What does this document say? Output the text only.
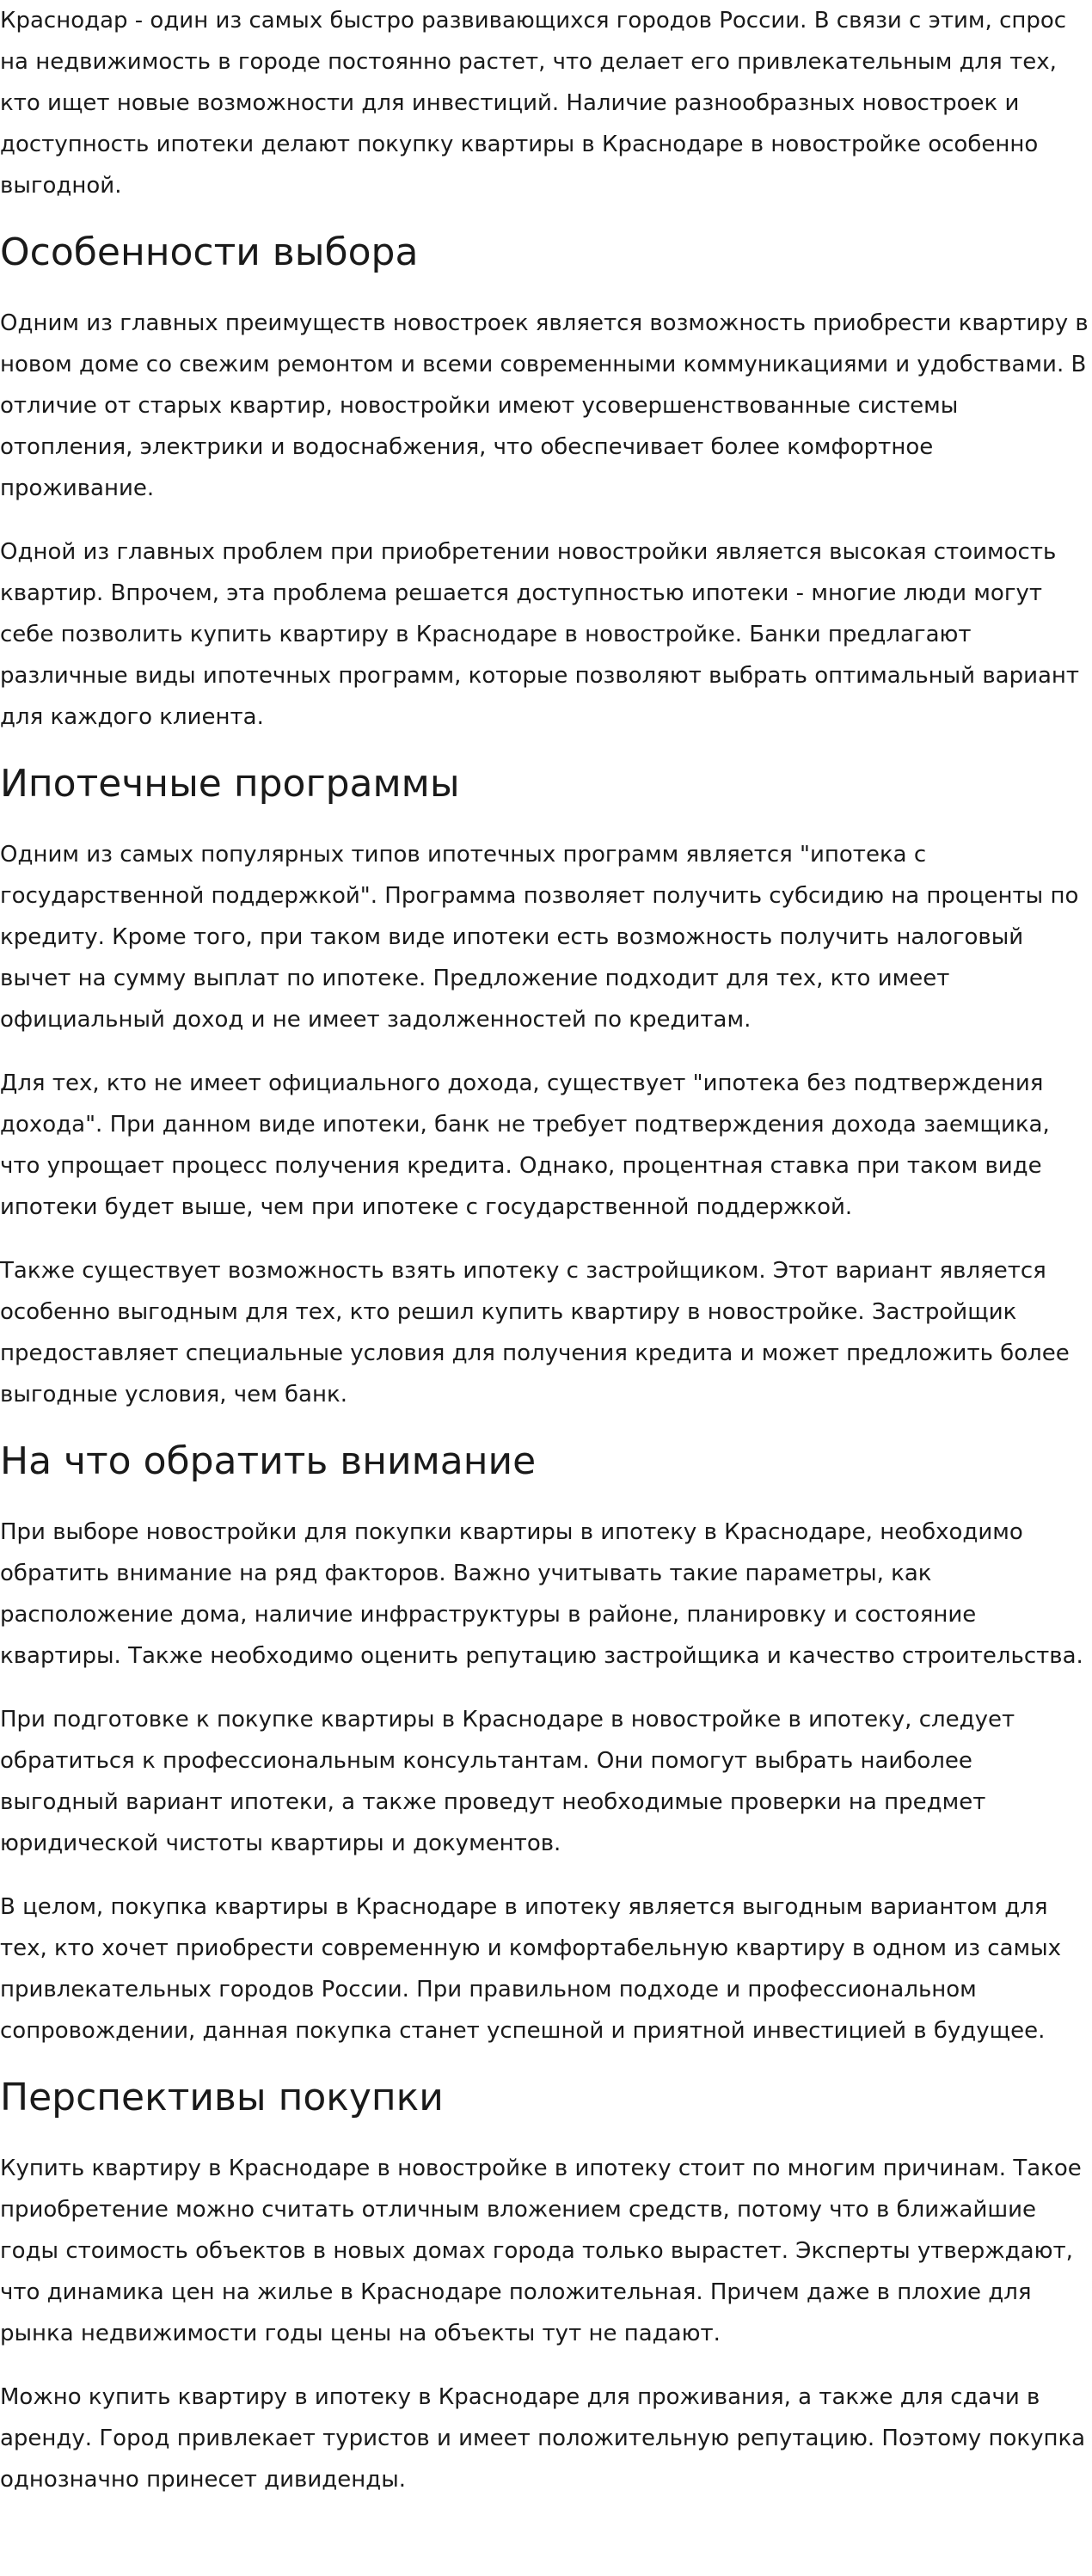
Краснодар - один из самых быстро развивающихся городов России. В связи с этим, спрос на недвижимость в городе постоянно растет, что делает его привлекательным для тех, кто ищет новые возможности для инвестиций. Наличие разнообразных новостроек и доступность ипотеки делают покупку квартиры в Краснодаре в новостройке особенно выгодной.

Особенности выбора

Одним из главных преимуществ новостроек является возможность приобрести квартиру в новом доме со свежим ремонтом и всеми современными коммуникациями и удобствами. В отличие от старых квартир, новостройки имеют усовершенствованные системы отопления, электрики и водоснабжения, что обеспечивает более комфортное проживание.

Одной из главных проблем при приобретении новостройки является высокая стоимость квартир. Впрочем, эта проблема решается доступностью ипотеки - многие люди могут себе позволить купить квартиру в Краснодаре в новостройке. Банки предлагают различные виды ипотечных программ, которые позволяют выбрать оптимальный вариант для каждого клиента.

Ипотечные программы

Одним из самых популярных типов ипотечных программ является "ипотека с государственной поддержкой". Программа позволяет получить субсидию на проценты по кредиту. Кроме того, при таком виде ипотеки есть возможность получить налоговый вычет на сумму выплат по ипотеке. Предложение подходит для тех, кто имеет официальный доход и не имеет задолженностей по кредитам.

Для тех, кто не имеет официального дохода, существует "ипотека без подтверждения дохода". При данном виде ипотеки, банк не требует подтверждения дохода заемщика, что упрощает процесс получения кредита. Однако, процентная ставка при таком виде ипотеки будет выше, чем при ипотеке с государственной поддержкой.

Также существует возможность взять ипотеку с застройщиком. Этот вариант является особенно выгодным для тех, кто решил купить квартиру в новостройке. Застройщик предоставляет специальные условия для получения кредита и может предложить более выгодные условия, чем банк.

На что обратить внимание

При выборе новостройки для покупки квартиры в ипотеку в Краснодаре, необходимо обратить внимание на ряд факторов. Важно учитывать такие параметры, как расположение дома, наличие инфраструктуры в районе, планировку и состояние квартиры. Также необходимо оценить репутацию застройщика и качество строительства.

При подготовке к покупке квартиры в Краснодаре в новостройке в ипотеку, следует обратиться к профессиональным консультантам. Они помогут выбрать наиболее выгодный вариант ипотеки, а также проведут необходимые проверки на предмет юридической чистоты квартиры и документов.

В целом, покупка квартиры в Краснодаре в ипотеку является выгодным вариантом для тех, кто хочет приобрести современную и комфортабельную квартиру в одном из самых привлекательных городов России. При правильном подходе и профессиональном сопровождении, данная покупка станет успешной и приятной инвестицией в будущее.

Перспективы покупки

Купить квартиру в Краснодаре в новостройке в ипотеку стоит по многим причинам. Такое приобретение можно считать отличным вложением средств, потому что в ближайшие годы стоимость объектов в новых домах города только вырастет. Эксперты утверждают, что динамика цен на жилье в Краснодаре положительная. Причем даже в плохие для рынка недвижимости годы цены на объекты тут не падают.

Можно купить квартиру в ипотеку в Краснодаре для проживания, а также для сдачи в аренду. Город привлекает туристов и имеет положительную репутацию. Поэтому покупка однозначно принесет дивиденды.
